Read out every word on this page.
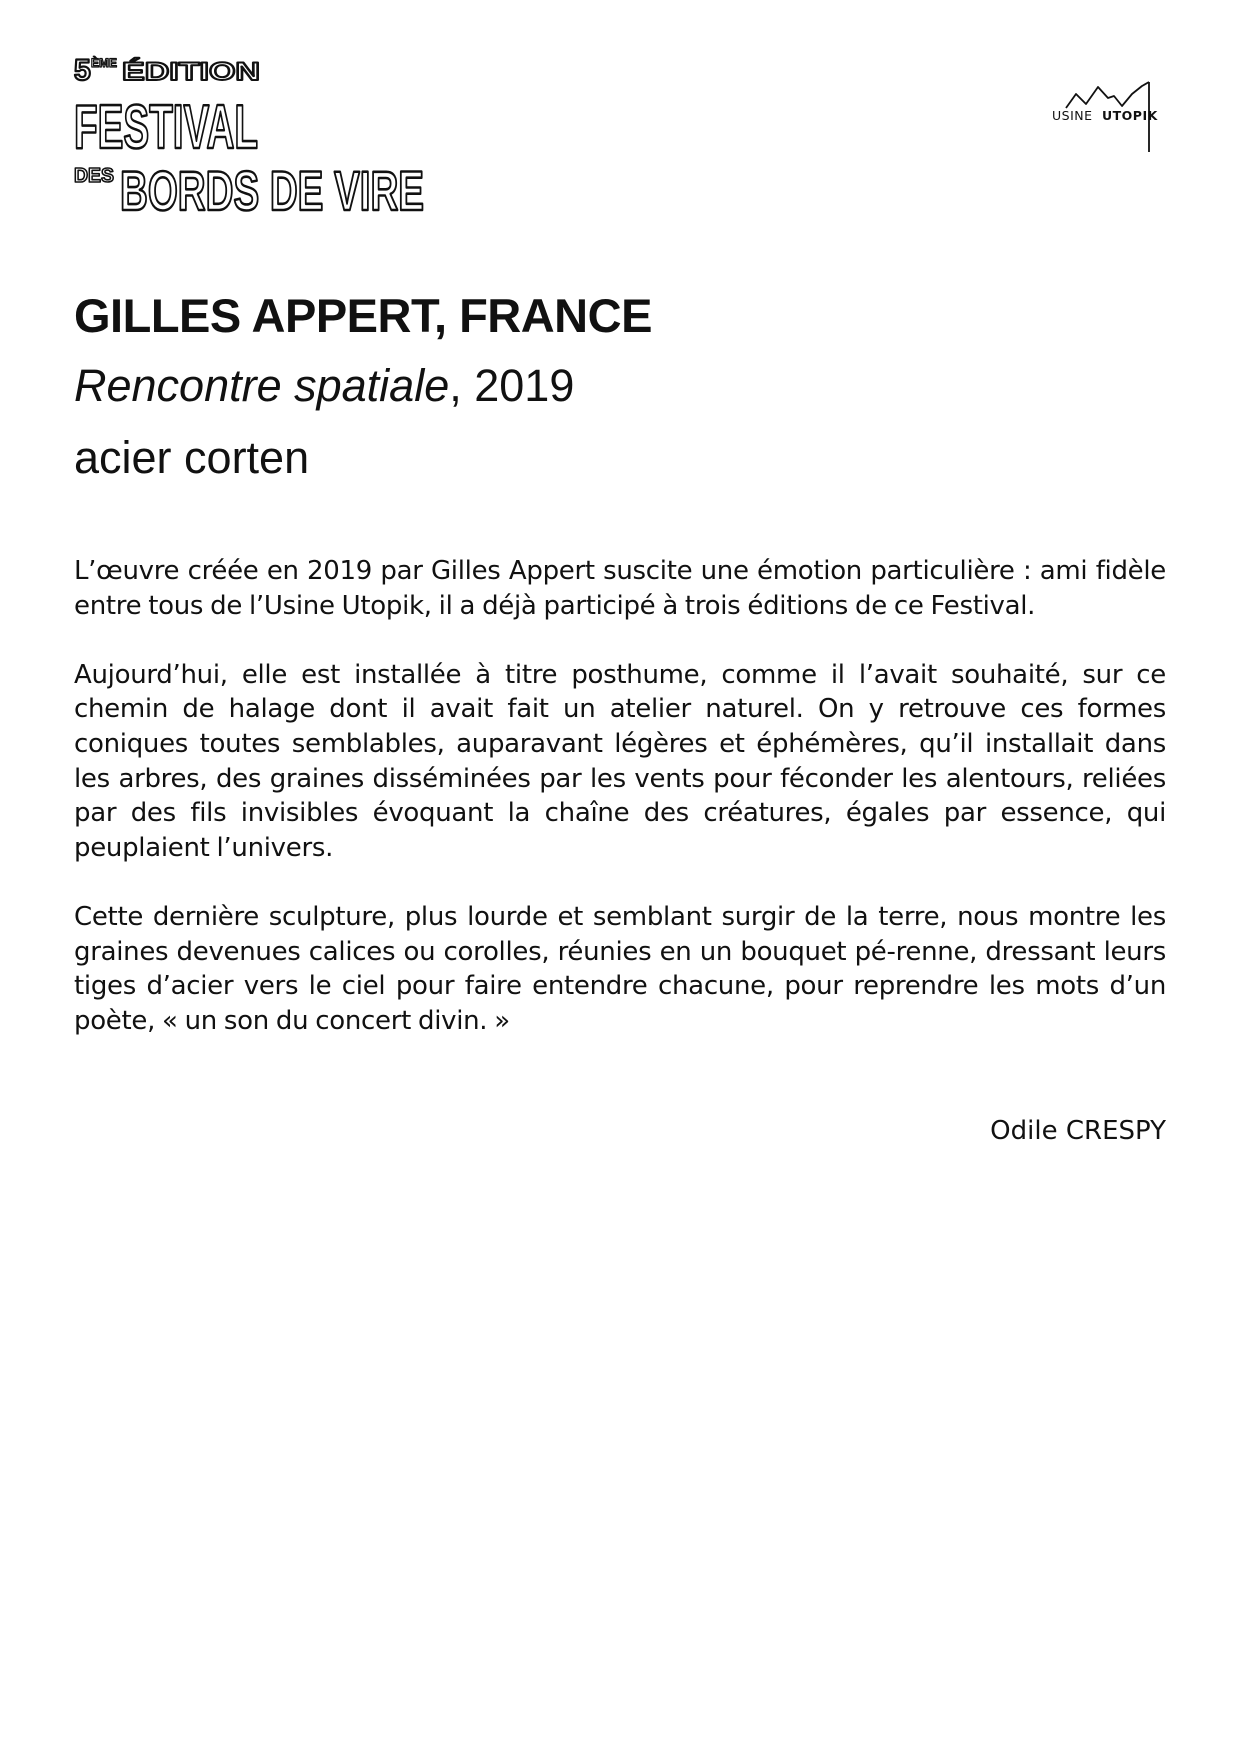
5 ÈME ÉDITION
FESTIVAL
DES BORDS DE VIRE
USINE UTOPIK
GILLES APPERT, FRANCE

Rencontre spatiale, 2019

acier corten

L’œuvre créée en 2019 par Gilles Appert suscite une émotion particulière : ami fidèle entre tous de l’Usine Utopik, il a déjà participé à trois éditions de ce Festival.

Aujourd’hui, elle est installée à titre posthume, comme il l’avait souhaité, sur ce chemin de halage dont il avait fait un atelier naturel. On y retrouve ces formes coniques toutes semblables, auparavant légères et éphémères, qu’il installait dans les arbres, des graines disséminées par les vents pour féconder les alentours, reliées par des fils invisibles évoquant la chaîne des créatures, égales par essence, qui peuplaient l’univers.

Cette dernière sculpture, plus lourde et semblant surgir de la terre, nous montre les graines devenues calices ou corolles, réunies en un bouquet pé-renne, dressant leurs tiges d’acier vers le ciel pour faire entendre chacune, pour reprendre les mots d’un poète, « un son du concert divin. »

Odile CRESPY
